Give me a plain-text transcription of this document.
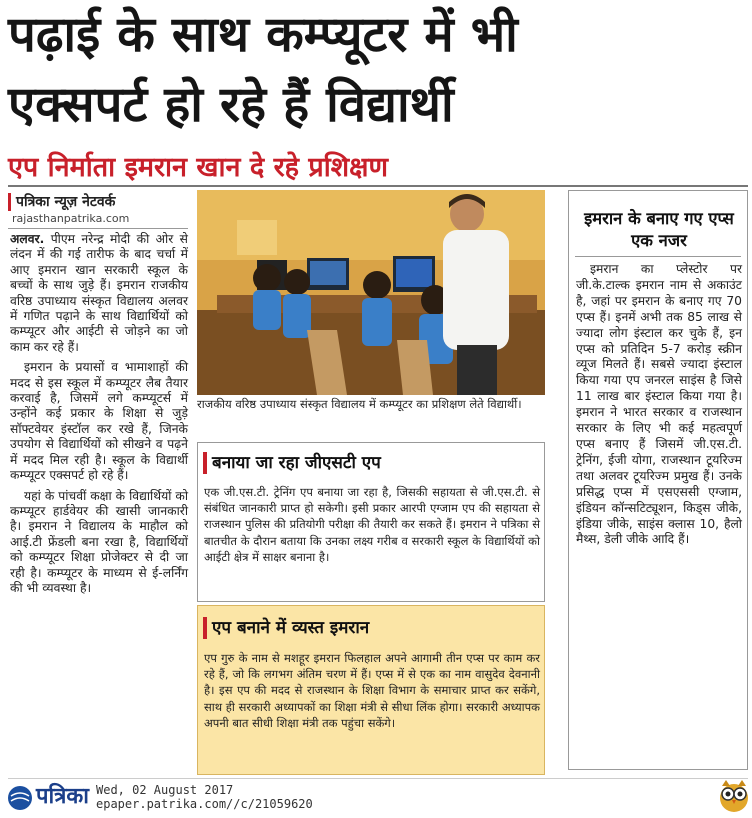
पढ़ाई के साथ कम्प्यूटर में भी
एक्सपर्ट हो रहे हैं विद्यार्थी
एप निर्माता इमरान खान दे रहे प्रशिक्षण
पत्रिका न्यूज़ नेटवर्क
rajasthanpatrika.com

अलवर. पीएम नरेन्द्र मोदी की ओर से लंदन में की गई तारीफ के बाद चर्चा में आए इमरान खान सरकारी स्कूल के बच्चों के साथ जुड़े हैं। इमरान राजकीय वरिष्ठ उपाध्याय संस्कृत विद्यालय अलवर में गणित पढ़ाने के साथ विद्यार्थियों को कम्प्यूटर और आईटी से जोड़ने का जो काम कर रहे हैं।

इमरान के प्रयासों व भामाशाहों की मदद से इस स्कूल में कम्प्यूटर लैब तैयार करवाई है, जिसमें लगे कम्प्यूटर्स में उन्होंने कई प्रकार के शिक्षा से जुड़े सॉफ्टवेयर इंस्टॉल कर रखे हैं, जिनके उपयोग से विद्यार्थियों को सीखने व पढ़ने में मदद मिल रही है। स्कूल के विद्यार्थी कम्प्यूटर एक्सपर्ट हो रहे हैं।

यहां के पांचवीं कक्षा के विद्यार्थियों को कम्प्यूटर हार्डवेयर की खासी जानकारी है। इमरान ने विद्यालय के माहौल को आई.टी फ्रेंडली बना रखा है, विद्यार्थियों को कम्प्यूटर शिक्षा प्रोजेक्टर से दी जा रही है। कम्प्यूटर के माध्यम से ई-लर्निंग की भी व्यवस्था है।

राजकीय वरिष्ठ उपाध्याय संस्कृत विद्यालय में कम्प्यूटर का प्रशिक्षण लेते विद्यार्थी।
बनाया जा रहा जीएसटी एप
एक जी.एस.टी. ट्रेनिंग एप बनाया जा रहा है, जिसकी सहायता से जी.एस.टी. से संबंधित जानकारी प्राप्त हो सकेगी। इसी प्रकार आरपी एग्जाम एप की सहायता से राजस्थान पुलिस की प्रतियोगी परीक्षा की तैयारी कर सकते हैं। इमरान ने पत्रिका से बातचीत के दौरान बताया कि उनका लक्ष्य गरीब व सरकारी स्कूल के विद्यार्थियों को आईटी क्षेत्र में साक्षर बनाना है।
एप बनाने में व्यस्त इमरान
एप गुरु के नाम से मशहूर इमरान फिलहाल अपने आगामी तीन एप्स पर काम कर रहे हैं, जो कि लगभग अंतिम चरण में हैं। एप्स में से एक का नाम वासुदेव देवनानी है। इस एप की मदद से राजस्थान के शिक्षा विभाग के समाचार प्राप्त कर सकेंगे, साथ ही सरकारी अध्यापकों का शिक्षा मंत्री से सीधा लिंक होगा। सरकारी अध्यापक अपनी बात सीधी शिक्षा मंत्री तक पहुंचा सकेंगे।
इमरान के बनाए गए एप्स एक नजर

इमरान का प्लेस्टोर पर जी.के.टाल्क इमरान नाम से अकाउंट है, जहां पर इमरान के बनाए गए 70 एप्स हैं। इनमें अभी तक 85 लाख से ज्यादा लोग इंस्टाल कर चुके हैं, इन एप्स को प्रतिदिन 5-7 करोड़ स्क्रीन व्यूज मिलते हैं। सबसे ज्यादा इंस्टाल किया गया एप जनरल साइंस है जिसे 11 लाख बार इंस्टाल किया गया है। इमरान ने भारत सरकार व राजस्थान सरकार के लिए भी कई महत्वपूर्ण एप्स बनाए हैं जिसमें जी.एस.टी. ट्रेनिंग, ईजी योगा, राजस्थान टूयरिज्म तथा अलवर टूयरिज्म प्रमुख हैं। उनके प्रसिद्ध एप्स में एसएससी एग्जाम, इंडियन कॉन्सटिट्यूशन, किड्स जीके, इंडिया जीके, साइंस क्लास 10, हैलो मैथ्स, डेली जीके आदि हैं।

पत्रिका Wed, 02 August 2017
epaper.patrika.com//c/21059620
